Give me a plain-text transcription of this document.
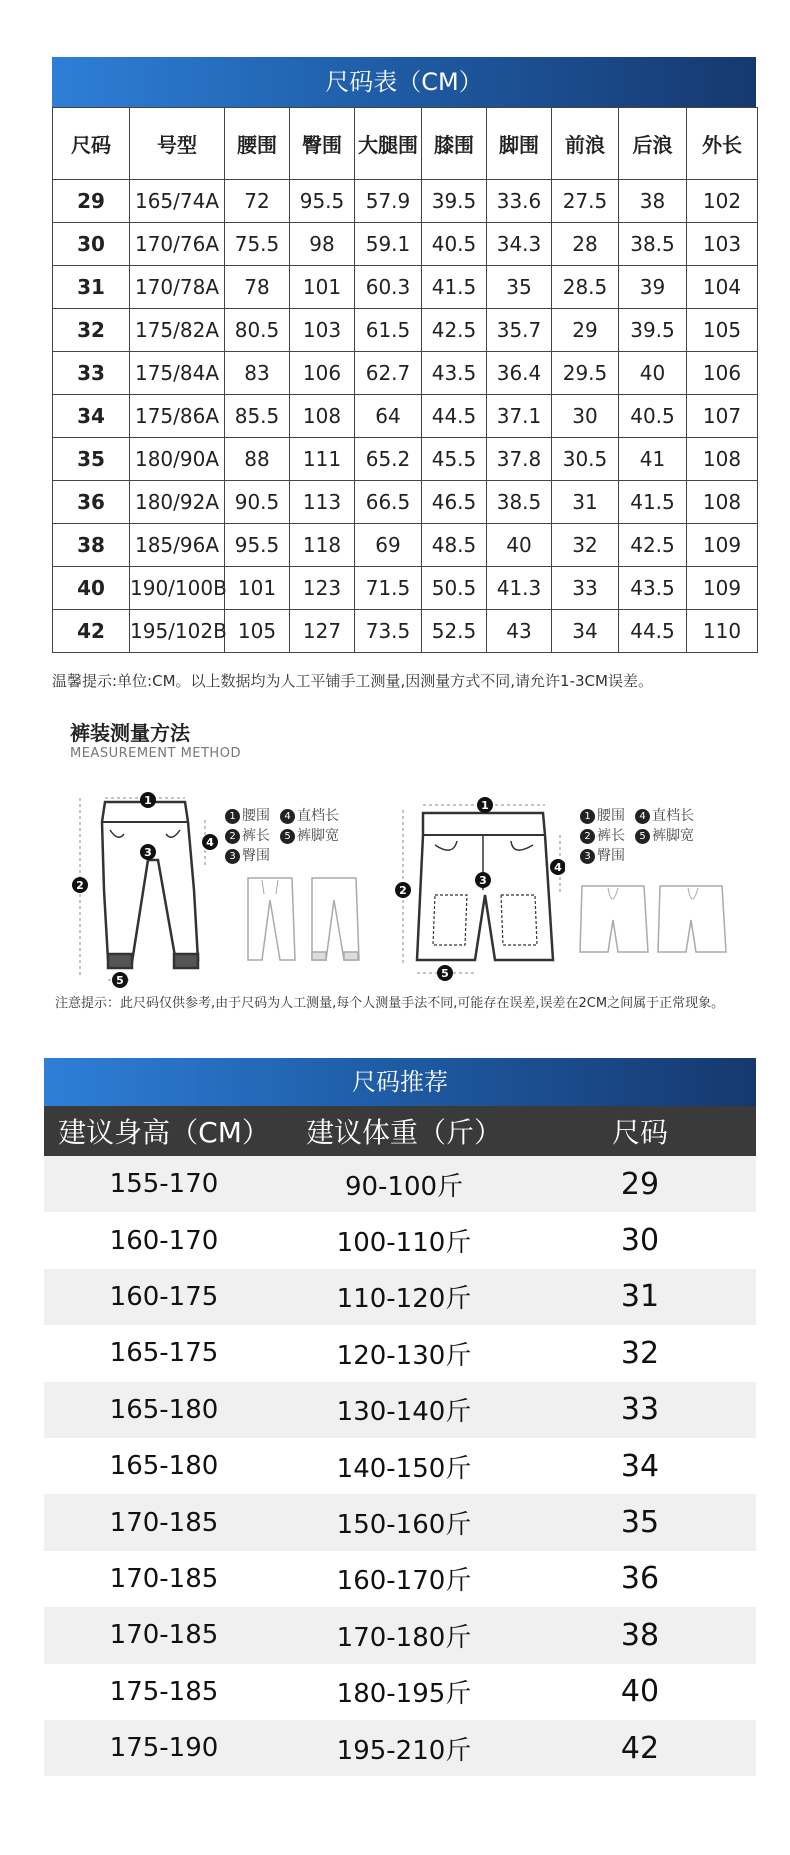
尺码表（CM）
尺码	号型	腰围	臀围	大腿围	膝围	脚围	前浪	后浪	外长
29	165/74A	72	95.5	57.9	39.5	33.6	27.5	38	102
30	170/76A	75.5	98	59.1	40.5	34.3	28	38.5	103
31	170/78A	78	101	60.3	41.5	35	28.5	39	104
32	175/82A	80.5	103	61.5	42.5	35.7	29	39.5	105
33	175/84A	83	106	62.7	43.5	36.4	29.5	40	106
34	175/86A	85.5	108	64	44.5	37.1	30	40.5	107
35	180/90A	88	111	65.2	45.5	37.8	30.5	41	108
36	180/92A	90.5	113	66.5	46.5	38.5	31	41.5	108
38	185/96A	95.5	118	69	48.5	40	32	42.5	109
40	190/100B	101	123	71.5	50.5	41.3	33	43.5	109
42	195/102B	105	127	73.5	52.5	43	34	44.5	110
温馨提示:单位:CM。以上数据均为人工平铺手工测量,因测量方式不同,请允许1-3CM误差。
裤装测量方法
MEASUREMENT METHOD
1
2
3
4
5
1 腰围	4 直档长
2 裤长	5 裤脚宽
3 臀围
1
2
3
4
5
1 腰围	4 直档长
2 裤长	5 裤脚宽
3 臀围
注意提示：此尺码仅供参考,由于尺码为人工测量,每个人测量手法不同,可能存在误差,误差在2CM之间属于正常现象。
尺码推荐
建议身高（CM）	建议体重（斤）	尺码
155-170	90-100斤	29
160-170	100-110斤	30
160-175	110-120斤	31
165-175	120-130斤	32
165-180	130-140斤	33
165-180	140-150斤	34
170-185	150-160斤	35
170-185	160-170斤	36
170-185	170-180斤	38
175-185	180-195斤	40
175-190	195-210斤	42
